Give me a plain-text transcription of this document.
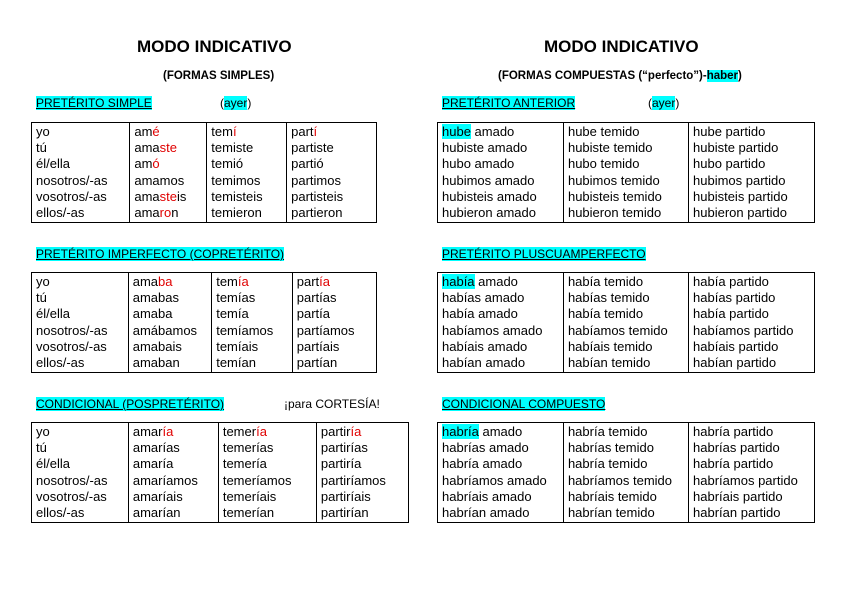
MODO INDICATIVO
(FORMAS SIMPLES)
MODO INDICATIVO
(FORMAS COMPUESTAS (“perfecto”)-haber)
PRETÉRITO SIMPLE	(ayer)
PRETÉRITO IMPERFECTO (COPRETÉRITO)
CONDICIONAL (POSPRETÉRITO)	¡para CORTESÍA!
PRETÉRITO ANTERIOR	(ayer)
PRETÉRITO PLUSCUAMPERFECTO
CONDICIONAL COMPUESTO
yo	amé	temí	partí
tú	amaste	temiste	partiste
él/ella	amó	temió	partió
nosotros/-as	amamos	temimos	partimos
vosotros/-as	amasteis	temisteis	partisteis
ellos/-as	amaron	temieron	partieron
yo	amaba	temía	partía
tú	amabas	temías	partías
él/ella	amaba	temía	partía
nosotros/-as	amábamos	temíamos	partíamos
vosotros/-as	amabais	temíais	partíais
ellos/-as	amaban	temían	partían
yo	amaría	temería	partiría
tú	amarías	temerías	partirías
él/ella	amaría	temería	partiría
nosotros/-as	amaríamos	temeríamos	partiríamos
vosotros/-as	amaríais	temeríais	partiríais
ellos/-as	amarían	temerían	partirían
hube amado	hube temido	hube partido
hubiste amado	hubiste temido	hubiste partido
hubo amado	hubo temido	hubo partido
hubimos amado	hubimos temido	hubimos partido
hubisteis amado	hubisteis temido	hubisteis partido
hubieron amado	hubieron temido	hubieron partido
había amado	había temido	había partido
habías amado	habías temido	habías partido
había amado	había temido	había partido
habíamos amado	habíamos temido	habíamos partido
habíais amado	habíais temido	habíais partido
habían amado	habían temido	habían partido
habría amado	habría temido	habría partido
habrías amado	habrías temido	habrías partido
habría amado	habría temido	habría partido
habríamos amado	habríamos temido	habríamos partido
habríais amado	habríais temido	habríais partido
habrían amado	habrían temido	habrían partido
